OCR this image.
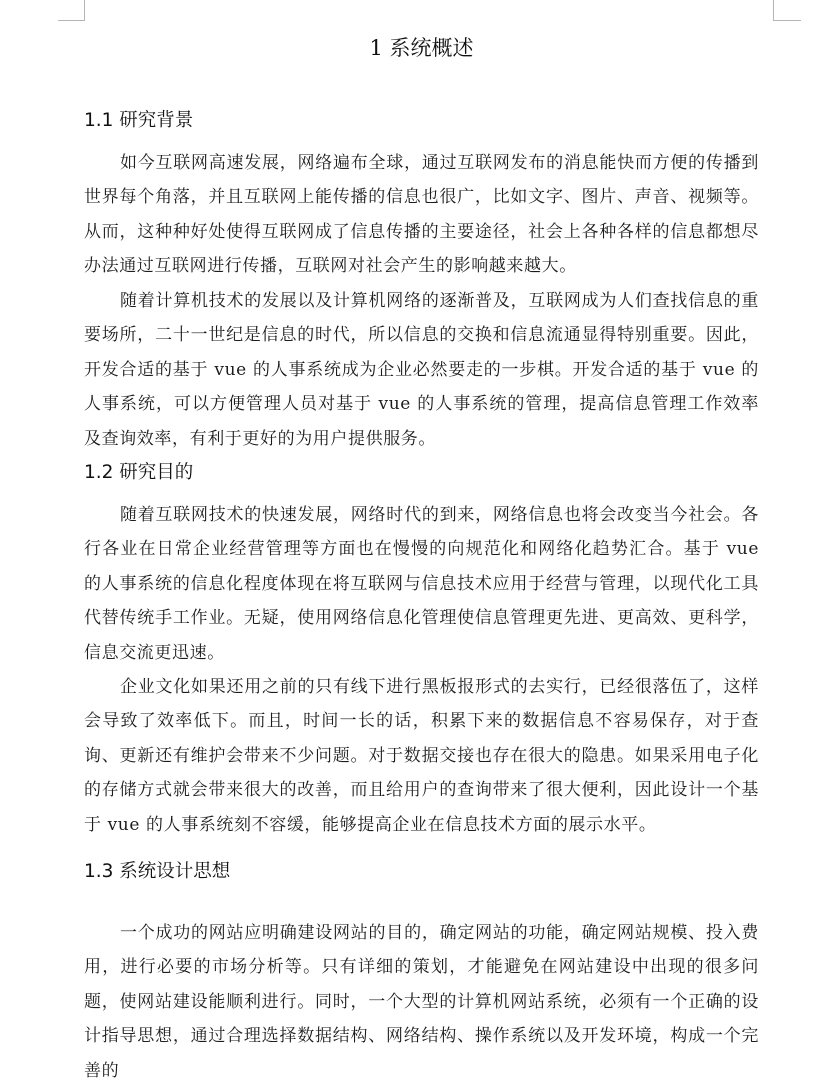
1 系统概述
1.1 研究背景

如今互联网高速发展，网络遍布全球，通过互联网发布的消息能快而方便的传播到世界每个角落，并且互联网上能传播的信息也很广，比如文字、图片、声音、视频等。从而，这种种好处使得互联网成了信息传播的主要途径，社会上各种各样的信息都想尽办法通过互联网进行传播，互联网对社会产生的影响越来越大。

随着计算机技术的发展以及计算机网络的逐渐普及，互联网成为人们查找信息的重要场所，二十一世纪是信息的时代，所以信息的交换和信息流通显得特别重要。因此，开发合适的基于 vue 的人事系统成为企业必然要走的一步棋。开发合适的基于 vue 的人事系统，可以方便管理人员对基于 vue 的人事系统的管理，提高信息管理工作效率及查询效率，有利于更好的为用户提供服务。

1.2 研究目的

随着互联网技术的快速发展，网络时代的到来，网络信息也将会改变当今社会。各行各业在日常企业经营管理等方面也在慢慢的向规范化和网络化趋势汇合。基于 vue 的人事系统的信息化程度体现在将互联网与信息技术应用于经营与管理，以现代化工具代替传统手工作业。无疑，使用网络信息化管理使信息管理更先进、更高效、更科学，信息交流更迅速。

企业文化如果还用之前的只有线下进行黑板报形式的去实行，已经很落伍了，这样会导致了效率低下。而且，时间一长的话，积累下来的数据信息不容易保存，对于查询、更新还有维护会带来不少问题。对于数据交接也存在很大的隐患。如果采用电子化的存储方式就会带来很大的改善，而且给用户的查询带来了很大便利，因此设计一个基于 vue 的人事系统刻不容缓，能够提高企业在信息技术方面的展示水平。

1.3 系统设计思想

一个成功的网站应明确建设网站的目的，确定网站的功能，确定网站规模、投入费用，进行必要的市场分析等。只有详细的策划，才能避免在网站建设中出现的很多问题，使网站建设能顺利进行。同时，一个大型的计算机网站系统，必须有一个正确的设计指导思想，通过合理选择数据结构、网络结构、操作系统以及开发环境，构成一个完善的
